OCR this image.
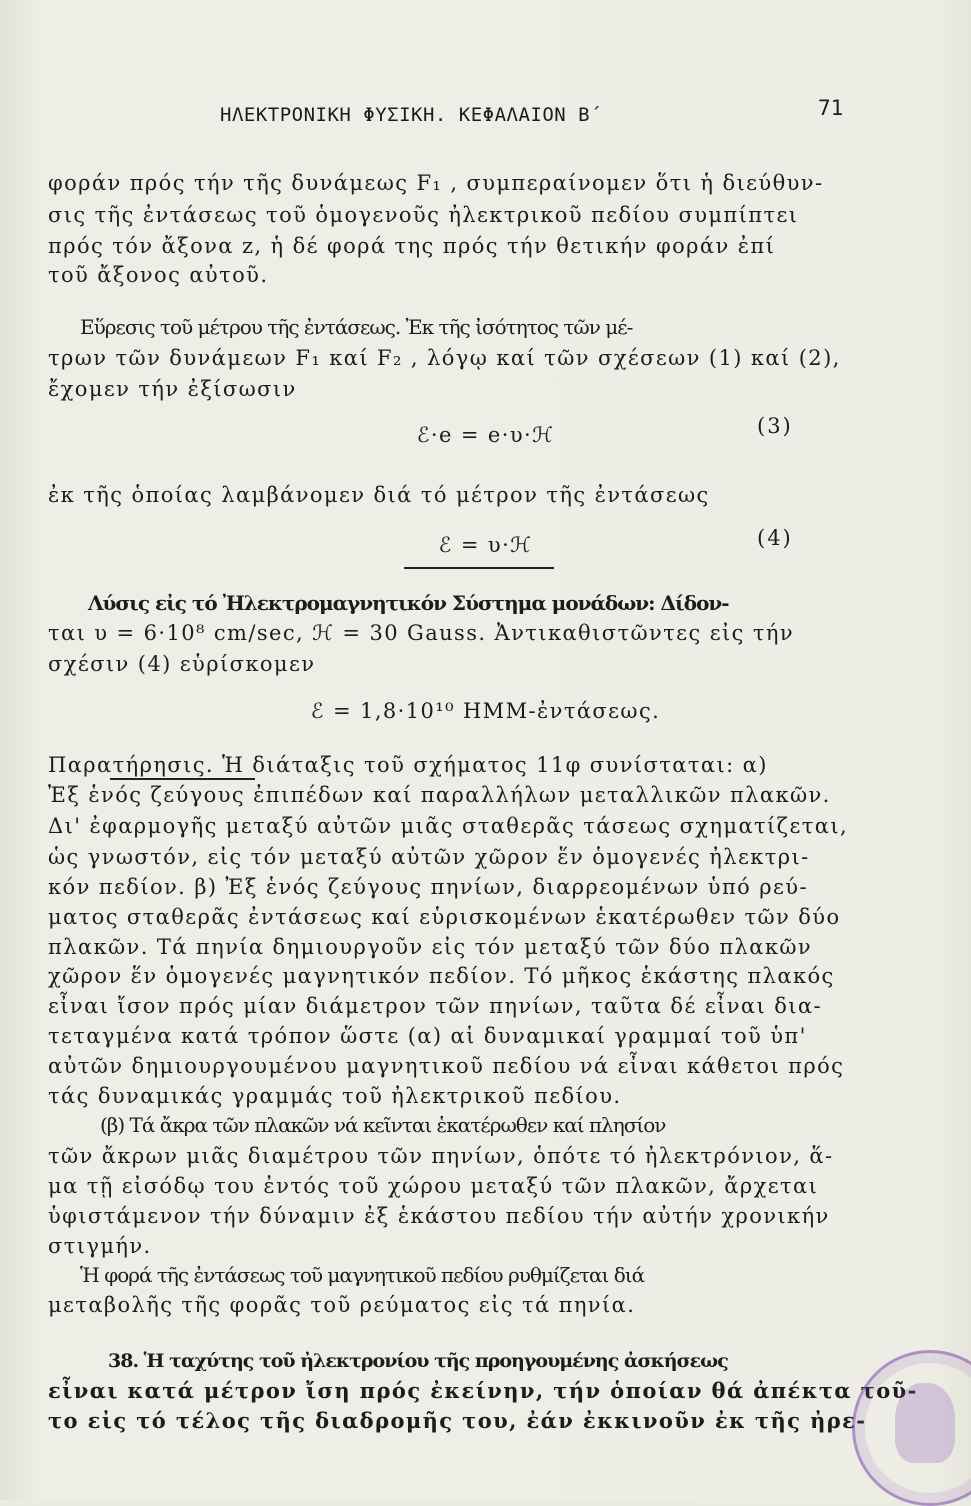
ΗΛΕΚΤΡΟΝΙΚΗ ΦΥΣΙΚΗ. ΚΕΦΑΛΑΙΟΝ Β΄	71
φοράν πρός τήν τῆς δυνάμεως F₁ , συμπεραίνομεν ὅτι ἡ διεύθυν-
σις τῆς ἐντάσεως τοῦ ὁμογενοῦς ἠλεκτρικοῦ πεδίου συμπίπτει
πρός τόν ἄξονα z, ἡ δέ φορά της πρός τήν θετικήν φοράν ἐπί
τοῦ ἄξονος αὐτοῦ.
Εὕρεσις τοῦ μέτρου τῆς ἐντάσεως. Ἐκ τῆς ἰσότητος τῶν μέ-
τρων τῶν δυνάμεων F₁ καί F₂ , λόγῳ καί τῶν σχέσεων (1) καί (2),
ἔχομεν τήν ἐξίσωσιν
ℰ·e = e·υ·ℋ	(3)
ἐκ τῆς ὁποίας λαμβάνομεν διά τό μέτρον τῆς ἐντάσεως
ℰ = υ·ℋ	(4)
Λύσις εἰς τό Ἠλεκτρομαγνητικόν Σύστημα μονάδων: Δίδον-
ται υ = 6·10⁸ cm/sec, ℋ = 30 Gauss. Ἀντικαθιστῶντες εἰς τήν
σχέσιν (4) εὑρίσκομεν
ℰ = 1,8·10¹⁰ ΗΜΜ-ἐντάσεως.
Παρατήρησις. Ἡ διάταξις τοῦ σχήματος 11φ συνίσταται: α)
Ἐξ ἑνός ζεύγους ἐπιπέδων καί παραλλήλων μεταλλικῶν πλακῶν.
Δι' ἐφαρμογῆς μεταξύ αὐτῶν μιᾶς σταθερᾶς τάσεως σχηματίζεται,
ὡς γνωστόν, εἰς τόν μεταξύ αὐτῶν χῶρον ἕν ὁμογενές ἠλεκτρι-
κόν πεδίον. β) Ἐξ ἑνός ζεύγους πηνίων, διαρρεομένων ὑπό ρεύ-
ματος σταθερᾶς ἐντάσεως καί εὑρισκομένων ἑκατέρωθεν τῶν δύο
πλακῶν. Τά πηνία δημιουργοῦν εἰς τόν μεταξύ τῶν δύο πλακῶν
χῶρον ἕν ὁμογενές μαγνητικόν πεδίον. Τό μῆκος ἑκάστης πλακός
εἶναι ἴσον πρός μίαν διάμετρον τῶν πηνίων, ταῦτα δέ εἶναι δια-
τεταγμένα κατά τρόπον ὥστε (α) αἱ δυναμικαί γραμμαί τοῦ ὑπ'
αὐτῶν δημιουργουμένου μαγνητικοῦ πεδίου νά εἶναι κάθετοι πρός
τάς δυναμικάς γραμμάς τοῦ ἠλεκτρικοῦ πεδίου.
(β) Τά ἄκρα τῶν πλακῶν νά κεῖνται ἑκατέρωθεν καί πλησίον
τῶν ἄκρων μιᾶς διαμέτρου τῶν πηνίων, ὁπότε τό ἠλεκτρόνιον, ἅ-
μα τῇ εἰσόδῳ του ἐντός τοῦ χώρου μεταξύ τῶν πλακῶν, ἄρχεται
ὑφιστάμενον τήν δύναμιν ἐξ ἑκάστου πεδίου τήν αὐτήν χρονικήν
στιγμήν.
Ἡ φορά τῆς ἐντάσεως τοῦ μαγνητικοῦ πεδίου ρυθμίζεται διά
μεταβολῆς τῆς φορᾶς τοῦ ρεύματος εἰς τά πηνία.
38. Ἡ ταχύτης τοῦ ἠλεκτρονίου τῆς προηγουμένης ἀσκήσεως
εἶναι κατά μέτρον ἴση πρός ἐκείνην, τήν ὁποίαν θά ἀπέκτα τοῦ-
το εἰς τό τέλος τῆς διαδρομῆς του, ἐάν ἐκκινοῦν ἐκ τῆς ἠρε-
